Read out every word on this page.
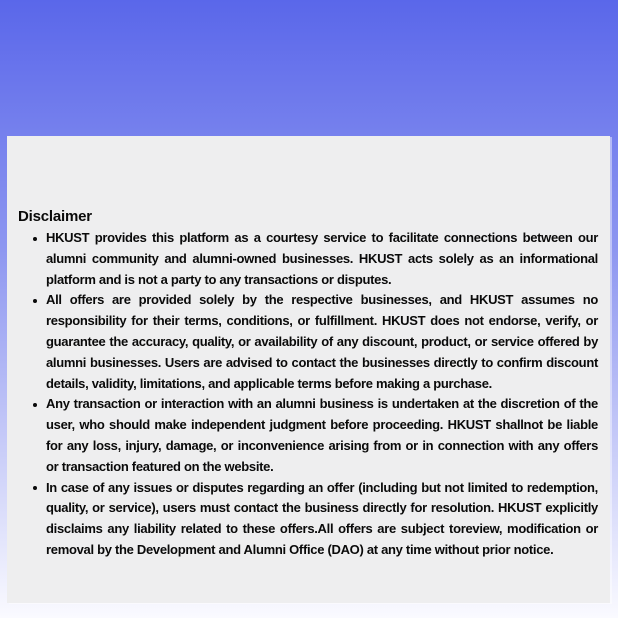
Disclaimer
HKUST provides this platform as a courtesy service to facilitate connections between our alumni community and alumni-owned businesses. HKUST acts solely as an informational platform and is not a party to any transactions or disputes.
All offers are provided solely by the respective businesses, and HKUST assumes no responsibility for their terms, conditions, or fulfillment. HKUST does not endorse, verify, or guarantee the accuracy, quality, or availability of any discount, product, or service offered by alumni businesses. Users are advised to contact the businesses directly to confirm discount details, validity, limitations, and applicable terms before making a purchase.
Any transaction or interaction with an alumni business is undertaken at the discretion of the user, who should make independent judgment before proceeding. HKUST shallnot be liable for any loss, injury, damage, or inconvenience arising from or in connection with any offers or transaction featured on the website.
In case of any issues or disputes regarding an offer (including but not limited to redemption, quality, or service), users must contact the business directly for resolution. HKUST explicitly disclaims any liability related to these offers.All offers are subject toreview, modification or removal by the Development and Alumni Office (DAO) at any time without prior notice.
